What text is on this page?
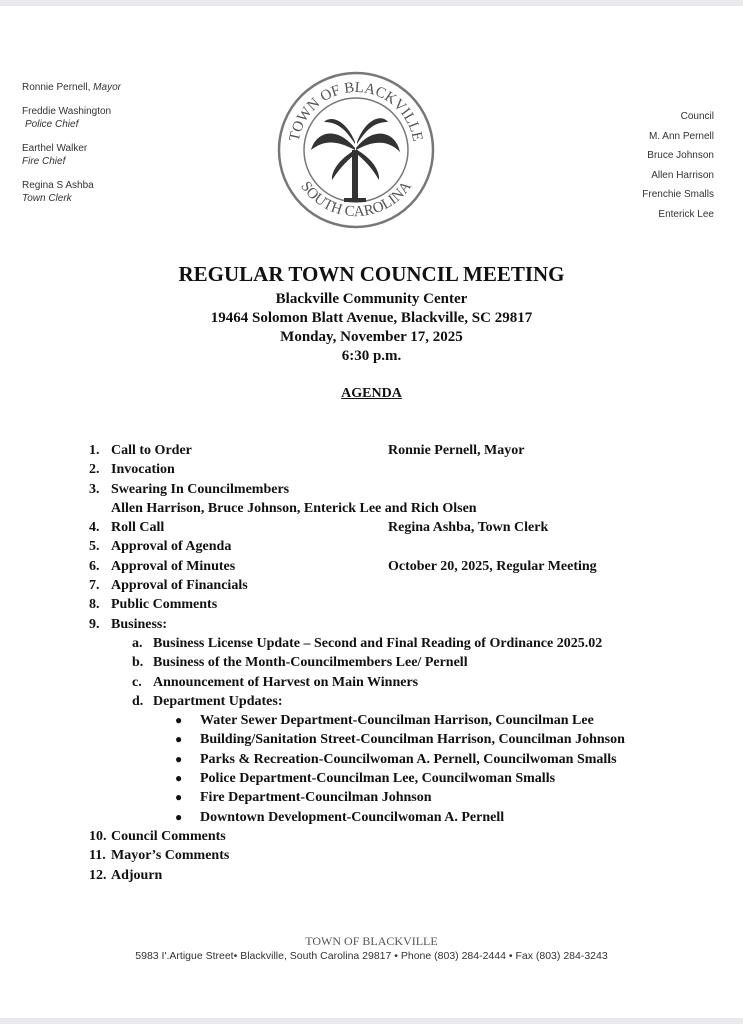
Ronnie Pernell, Mayor
Freddie Washington
Police Chief
Earthel Walker
Fire Chief
Regina S Ashba
Town Clerk
Council
M. Ann Pernell
Bruce Johnson
Allen Harrison
Frenchie Smalls
Enterick Lee
TOWN OF BLACKVILLE
SOUTH CAROLINA
REGULAR TOWN COUNCIL MEETING
Blackville Community Center
19464 Solomon Blatt Avenue, Blackville, SC 29817
Monday, November 17, 2025
6:30 p.m.
AGENDA
1. Call to Order	Ronnie Pernell, Mayor
2. Invocation
3. Swearing In Councilmembers
Allen Harrison, Bruce Johnson, Enterick Lee and Rich Olsen
4. Roll Call	Regina Ashba, Town Clerk
5. Approval of Agenda
6. Approval of Minutes	October 20, 2025, Regular Meeting
7. Approval of Financials
8. Public Comments
9. Business:
a. Business License Update – Second and Final Reading of Ordinance 2025.02
b. Business of the Month-Councilmembers Lee/ Pernell
c. Announcement of Harvest on Main Winners
d. Department Updates:
● Water Sewer Department-Councilman Harrison, Councilman Lee
● Building/Sanitation Street-Councilman Harrison, Councilman Johnson
● Parks & Recreation-Councilwoman A. Pernell, Councilwoman Smalls
● Police Department-Councilman Lee, Councilwoman Smalls
● Fire Department-Councilman Johnson
● Downtown Development-Councilwoman A. Pernell
10. Council Comments
11. Mayor’s Comments
12. Adjourn
TOWN OF BLACKVILLE
5983 I'.Artigue Street• Blackville, South Carolina 29817 • Phone (803) 284-2444 • Fax (803) 284-3243
